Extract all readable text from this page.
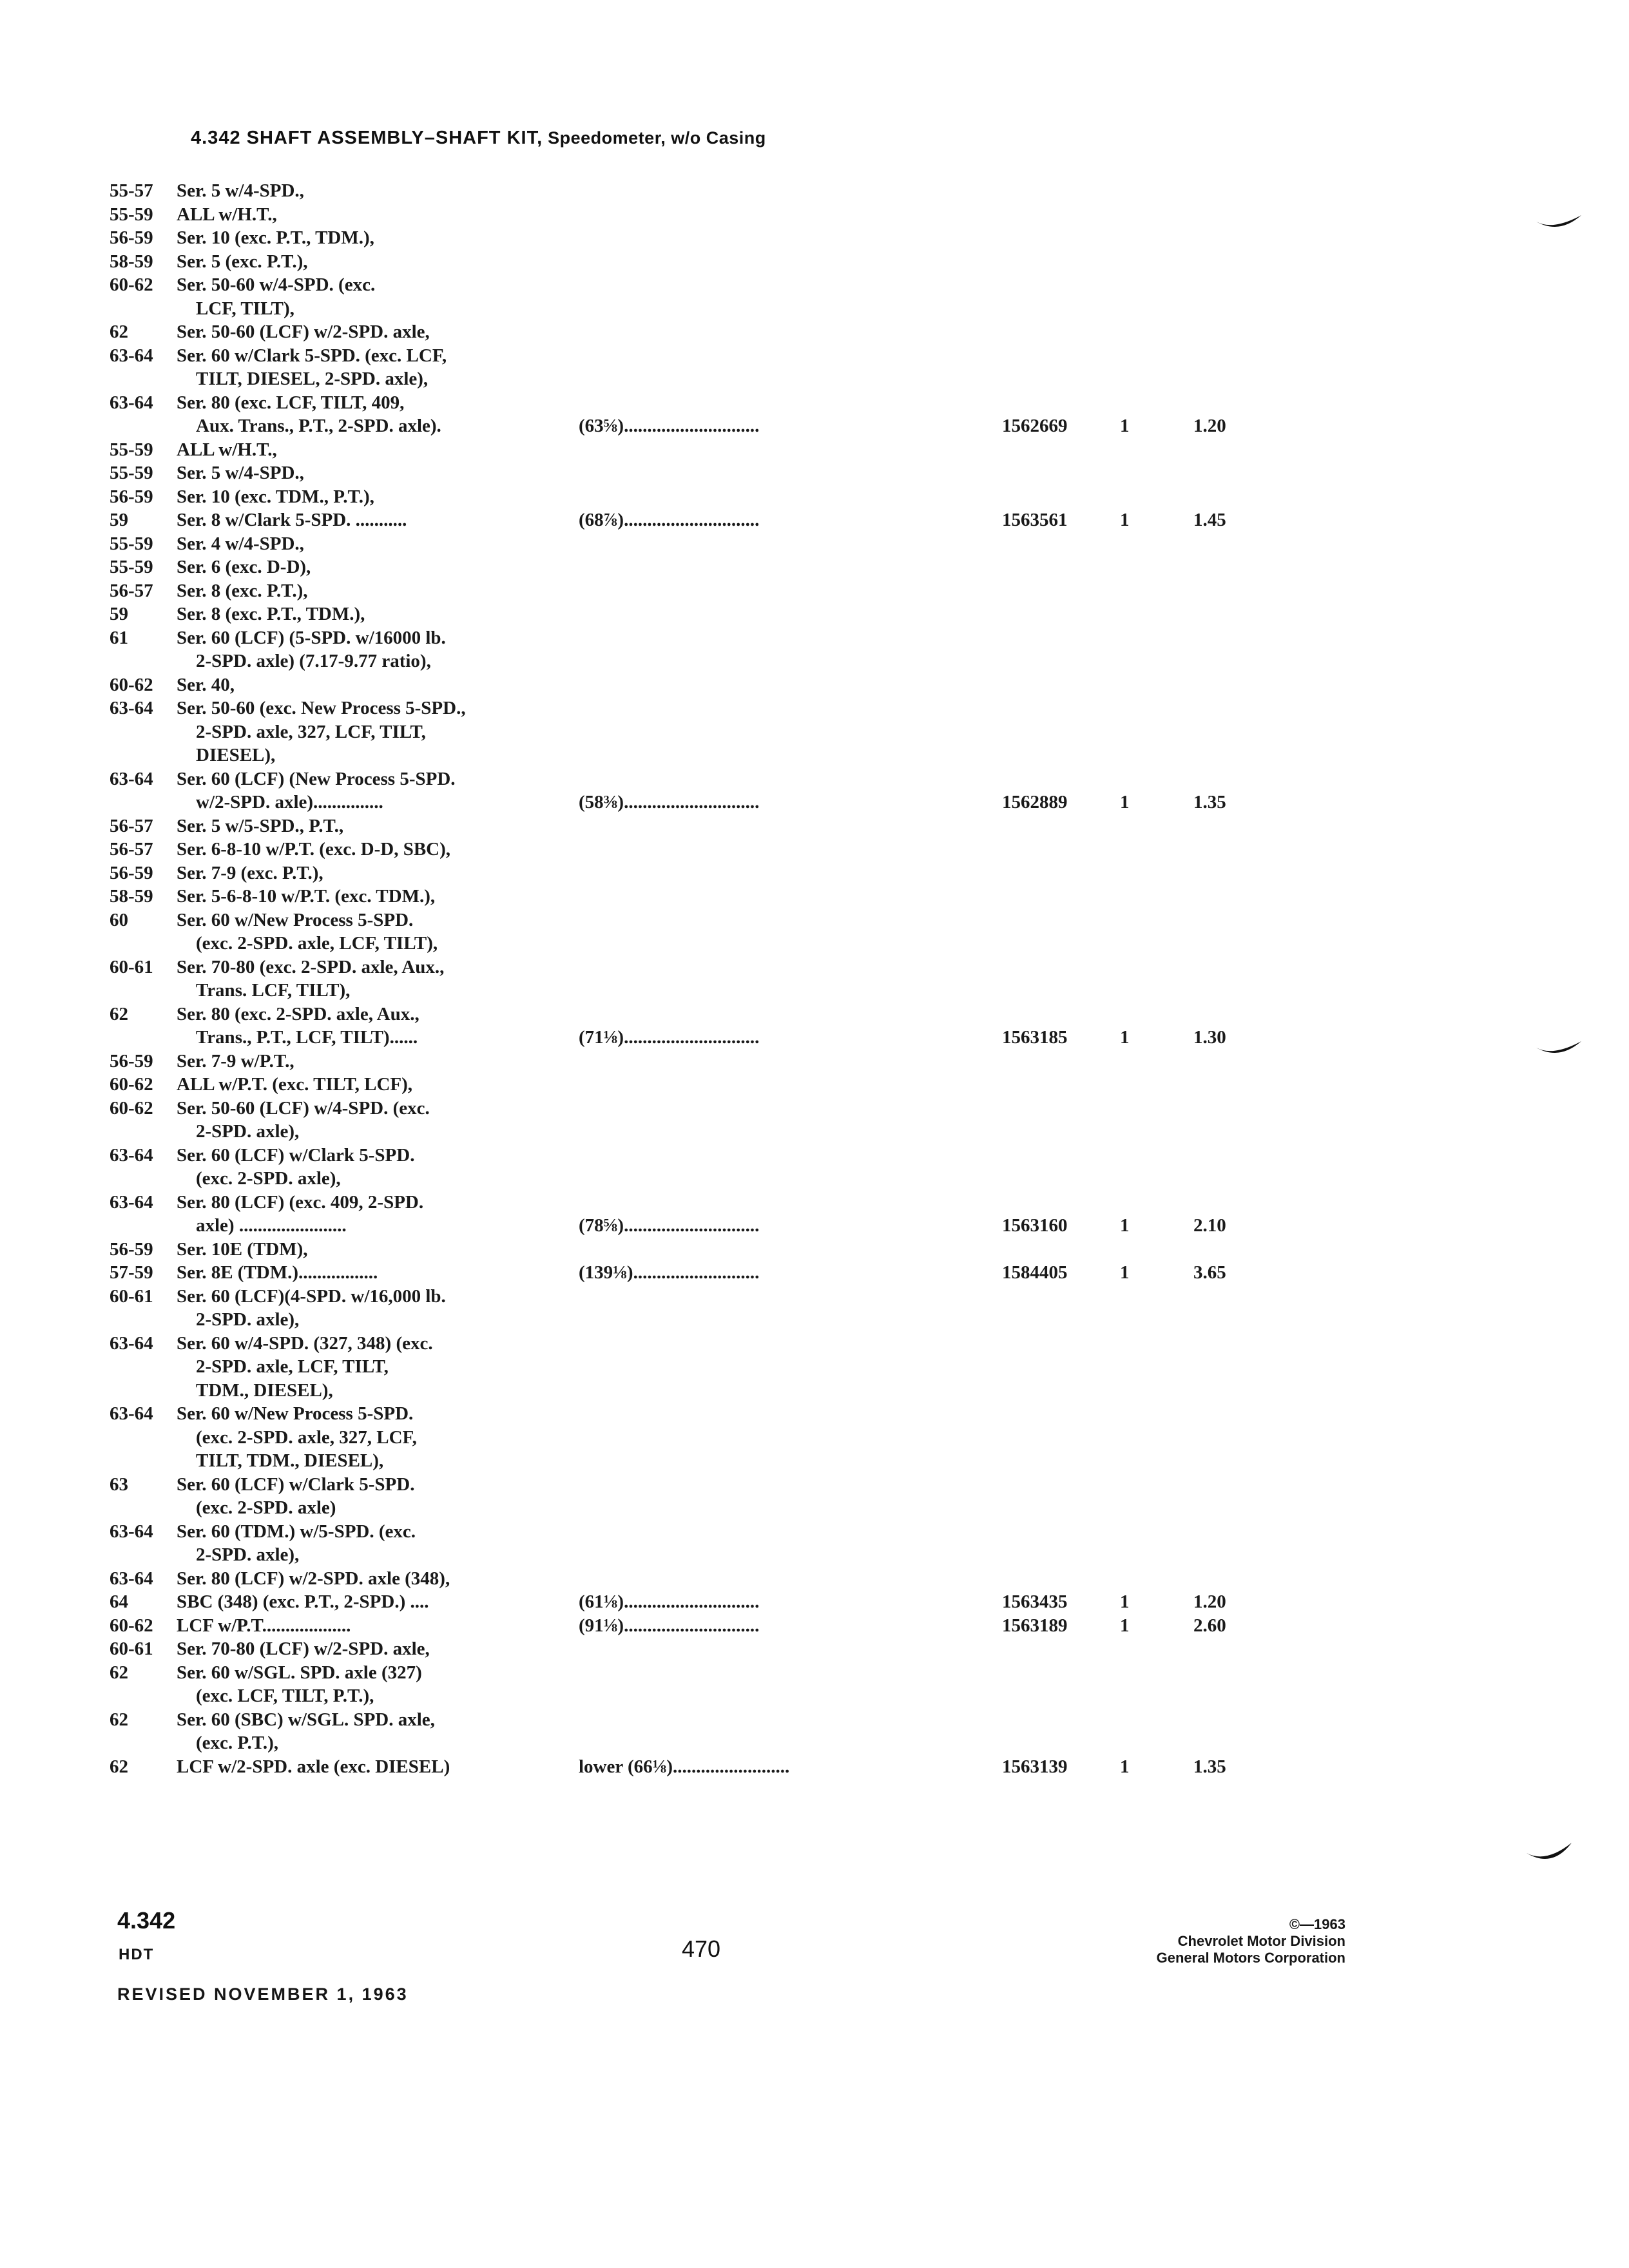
4.342 SHAFT ASSEMBLY–SHAFT KIT, Speedometer, w/o Casing
55-57 Ser. 5 w/4-SPD.,
55-59 ALL w/H.T.,
56-59 Ser. 10 (exc. P.T., TDM.),
58-59 Ser. 5 (exc. P.T.),
60-62 Ser. 50-60 w/4-SPD. (exc.
LCF, TILT),
62	Ser. 50-60 (LCF) w/2-SPD. axle,
63-64 Ser. 60 w/Clark 5-SPD. (exc. LCF,
TILT, DIESEL, 2-SPD. axle),
63-64 Ser. 80 (exc. LCF, TILT, 409,
Aux. Trans., P.T., 2-SPD. axle).	(63⅝).............................	1562669	1	1.20
55-59 ALL w/H.T.,
55-59 Ser. 5 w/4-SPD.,
56-59 Ser. 10 (exc. TDM., P.T.),
59	Ser. 8 w/Clark 5-SPD. ...........	(68⅞).............................	1563561	1	1.45
55-59 Ser. 4 w/4-SPD.,
55-59 Ser. 6 (exc. D-D),
56-57 Ser. 8 (exc. P.T.),
59	Ser. 8 (exc. P.T., TDM.),
61	Ser. 60 (LCF) (5-SPD. w/16000 lb.
2-SPD. axle) (7.17-9.77 ratio),
60-62 Ser. 40,
63-64 Ser. 50-60 (exc. New Process 5-SPD.,
2-SPD. axle, 327, LCF, TILT,
DIESEL),
63-64 Ser. 60 (LCF) (New Process 5-SPD.
w/2-SPD. axle)...............	(58⅜).............................	1562889	1	1.35
56-57 Ser. 5 w/5-SPD., P.T.,
56-57 Ser. 6-8-10 w/P.T. (exc. D-D, SBC),
56-59 Ser. 7-9 (exc. P.T.),
58-59 Ser. 5-6-8-10 w/P.T. (exc. TDM.),
60	Ser. 60 w/New Process 5-SPD.
(exc. 2-SPD. axle, LCF, TILT),
60-61 Ser. 70-80 (exc. 2-SPD. axle, Aux.,
Trans. LCF, TILT),
62	Ser. 80 (exc. 2-SPD. axle, Aux.,
Trans., P.T., LCF, TILT)......	(71⅛).............................	1563185	1	1.30
56-59 Ser. 7-9 w/P.T.,
60-62 ALL w/P.T. (exc. TILT, LCF),
60-62 Ser. 50-60 (LCF) w/4-SPD. (exc.
2-SPD. axle),
63-64 Ser. 60 (LCF) w/Clark 5-SPD.
(exc. 2-SPD. axle),
63-64 Ser. 80 (LCF) (exc. 409, 2-SPD.
axle) .......................	(78⅝).............................	1563160	1	2.10
56-59 Ser. 10E (TDM),
57-59 Ser. 8E (TDM.).................	(139⅛)...........................	1584405	1	3.65
60-61 Ser. 60 (LCF)(4-SPD. w/16,000 lb.
2-SPD. axle),
63-64 Ser. 60 w/4-SPD. (327, 348) (exc.
2-SPD. axle, LCF, TILT,
TDM., DIESEL),
63-64 Ser. 60 w/New Process 5-SPD.
(exc. 2-SPD. axle, 327, LCF,
TILT, TDM., DIESEL),
63	Ser. 60 (LCF) w/Clark 5-SPD.
(exc. 2-SPD. axle)
63-64 Ser. 60 (TDM.) w/5-SPD. (exc.
2-SPD. axle),
63-64 Ser. 80 (LCF) w/2-SPD. axle (348),
64	SBC (348) (exc. P.T., 2-SPD.) ....	(61⅛).............................	1563435	1	1.20
60-62 LCF w/P.T...................	(91⅛).............................	1563189	1	2.60
60-61 Ser. 70-80 (LCF) w/2-SPD. axle,
62	Ser. 60 w/SGL. SPD. axle (327)
(exc. LCF, TILT, P.T.),
62	Ser. 60 (SBC) w/SGL. SPD. axle,
(exc. P.T.),
62	LCF w/2-SPD. axle (exc. DIESEL)	lower (66⅛).........................	1563139	1	1.35
4.342
HDT	470
REVISED NOVEMBER 1, 1963
©—1963
Chevrolet Motor Division
General Motors Corporation
